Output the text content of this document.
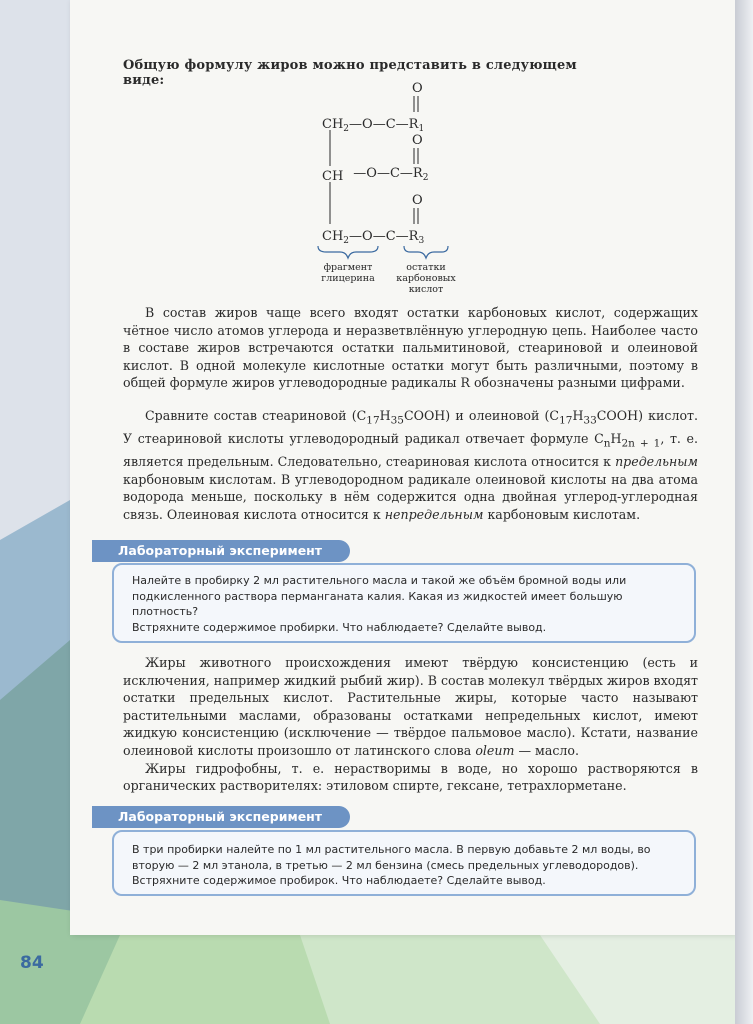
Общую формулу жиров можно представить в следующем виде:
O
O
O
$CH_2—O—C—R_1$
CH $—O—C—R_2$
$CH_2—O—C—R_3$
фрагмент
глицерина
остатки
карбоновых
кислот

В состав жиров чаще всего входят остатки карбоновых кислот, содержащих чётное число атомов углерода и неразветвлённую углеродную цепь. Наиболее часто в составе жиров встречаются остатки пальмитиновой, стеариновой и олеиновой кислот. В одной молекуле кислотные остатки могут быть различными, поэтому в общей формуле жиров углеводородные радикалы R обозначены разными цифрами.

Сравните состав стеариновой $(C_{17}H_{35}COOH)$ и олеиновой $(C_{17}H_{33}COOH)$ кислот. У стеариновой кислоты углеводородный радикал отвечает формуле $C_nH_{2n + 1}$, т. е. является предельным. Следовательно, стеариновая кислота относится к предельным карбоновым кислотам. В углеводородном радикале олеиновой кислоты на два атома водорода меньше, поскольку в нём содержится одна двойная углерод-углеродная связь. Олеиновая кислота относится к непредельным карбоновым кислотам.

Лабораторный эксперимент

Налейте в пробирку 2 мл растительного масла и такой же объём бромной воды или подкисленного раствора перманганата калия. Какая из жидкостей имеет большую плотность?

Встряхните содержимое пробирки. Что наблюдаете? Сделайте вывод.

Жиры животного происхождения имеют твёрдую консистенцию (есть и исключения, например жидкий рыбий жир). В состав молекул твёрдых жиров входят остатки предельных кислот. Растительные жиры, которые часто называют растительными маслами, образованы остатками непредельных кислот, имеют жидкую консистенцию (исключение — твёрдое пальмовое масло). Кстати, название олеиновой кислоты произошло от латинского слова oleum — масло.

Жиры гидрофобны, т. е. нерастворимы в воде, но хорошо растворяются в органических растворителях: этиловом спирте, гексане, тетрахлорметане.

Лабораторный эксперимент

В три пробирки налейте по 1 мл растительного масла. В первую добавьте 2 мл воды, во вторую — 2 мл этанола, в третью — 2 мл бензина (смесь предельных углеводородов). Встряхните содержимое пробирок. Что наблюдаете? Сделайте вывод.

84
